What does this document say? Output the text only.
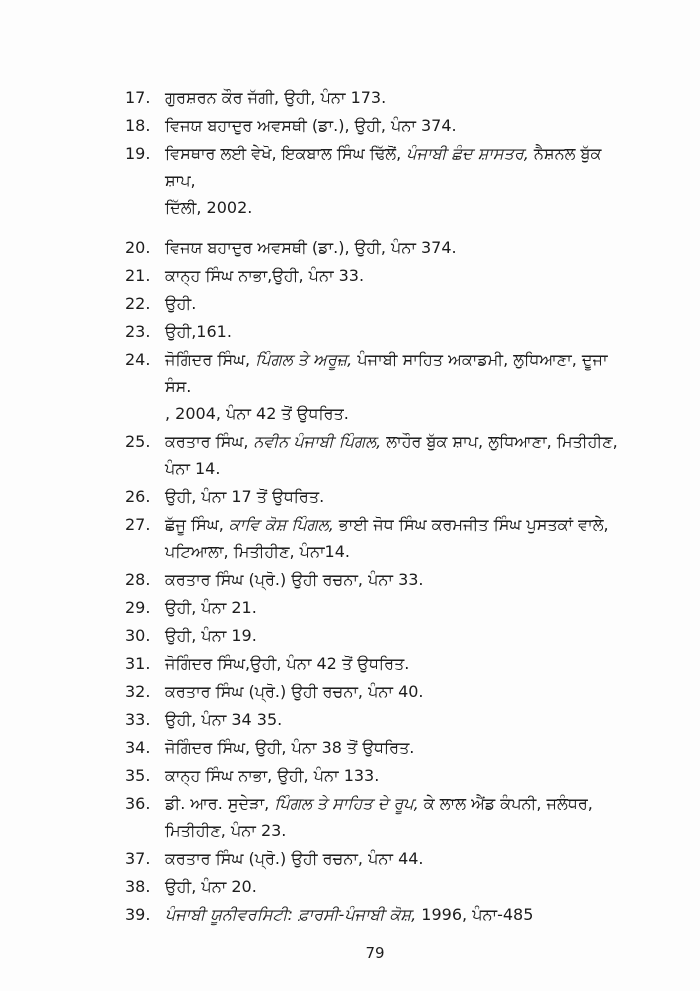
17. ਗੁਰਸ਼ਰਨ ਕੌਰ ਜੱਗੀ, ਉਹੀ, ਪੰਨਾ 173.
18. ਵਿਜਯ ਬਹਾਦੁਰ ਅਵਸਥੀ (ਡਾ.), ਉਹੀ, ਪੰਨਾ 374.
19. ਵਿਸਥਾਰ ਲਈ ਵੇਖੋ, ਇਕਬਾਲ ਸਿੰਘ ਢਿੱਲੋਂ, ਪੰਜਾਬੀ ਛੰਦ ਸ਼ਾਸਤਰ, ਨੈਸ਼ਨਲ ਬੁੱਕ ਸ਼ਾਪ,
ਦਿੱਲੀ, 2002.
20. ਵਿਜਯ ਬਹਾਦੁਰ ਅਵਸਥੀ (ਡਾ.), ਉਹੀ, ਪੰਨਾ 374.
21. ਕਾਨ੍ਹ ਸਿੰਘ ਨਾਭਾ,ਉਹੀ, ਪੰਨਾ 33.
22. ਉਹੀ.
23. ਉਹੀ,161.
24. ਜੋਗਿੰਦਰ ਸਿੰਘ, ਪਿੰਗਲ ਤੇ ਅਰੂਜ਼, ਪੰਜਾਬੀ ਸਾਹਿਤ ਅਕਾਡਮੀ, ਲੁਧਿਆਣਾ, ਦੂਜਾ ਸੰਸ.
, 2004, ਪੰਨਾ 42 ਤੋਂ ਉਧਰਿਤ.
25. ਕਰਤਾਰ ਸਿੰਘ, ਨਵੀਨ ਪੰਜਾਬੀ ਪਿੰਗਲ, ਲਾਹੌਰ ਬੁੱਕ ਸ਼ਾਪ, ਲੁਧਿਆਣਾ, ਮਿਤੀਹੀਣ,
ਪੰਨਾ 14.
26. ਉਹੀ, ਪੰਨਾ 17 ਤੋਂ ਉਧਰਿਤ.
27. ਛੱਜੂ ਸਿੰਘ, ਕਾਵਿ ਕੋਸ਼ ਪਿੰਗਲ, ਭਾਈ ਜੋਧ ਸਿੰਘ ਕਰਮਜੀਤ ਸਿੰਘ ਪੁਸਤਕਾਂ ਵਾਲੇ,
ਪਟਿਆਲਾ, ਮਿਤੀਹੀਣ, ਪੰਨਾ14.
28. ਕਰਤਾਰ ਸਿੰਘ (ਪ੍ਰੋ.) ਉਹੀ ਰਚਨਾ, ਪੰਨਾ 33.
29. ਉਹੀ, ਪੰਨਾ 21.
30. ਉਹੀ, ਪੰਨਾ 19.
31. ਜੋਗਿੰਦਰ ਸਿੰਘ,ਉਹੀ, ਪੰਨਾ 42 ਤੋਂ ਉਧਰਿਤ.
32. ਕਰਤਾਰ ਸਿੰਘ (ਪ੍ਰੋ.) ਉਹੀ ਰਚਨਾ, ਪੰਨਾ 40.
33. ਉਹੀ, ਪੰਨਾ 34 35.
34. ਜੋਗਿੰਦਰ ਸਿੰਘ, ਉਹੀ, ਪੰਨਾ 38 ਤੋਂ ਉਧਰਿਤ.
35. ਕਾਨ੍ਹ ਸਿੰਘ ਨਾਭਾ, ਉਹੀ, ਪੰਨਾ 133.
36. ਡੀ. ਆਰ. ਸੁਦੇੜਾ, ਪਿੰਗਲ ਤੇ ਸਾਹਿਤ ਦੇ ਰੂਪ, ਕੇ ਲਾਲ ਐਂਡ ਕੰਪਨੀ, ਜਲੰਧਰ,
ਮਿਤੀਹੀਣ, ਪੰਨਾ 23.
37. ਕਰਤਾਰ ਸਿੰਘ (ਪ੍ਰੋ.) ਉਹੀ ਰਚਨਾ, ਪੰਨਾ 44.
38. ਉਹੀ, ਪੰਨਾ 20.
39. ਪੰਜਾਬੀ ਯੂਨੀਵਰਸਿਟੀ: ਫ਼ਾਰਸੀ-ਪੰਜਾਬੀ ਕੋਸ਼, 1996, ਪੰਨਾ-485
79
